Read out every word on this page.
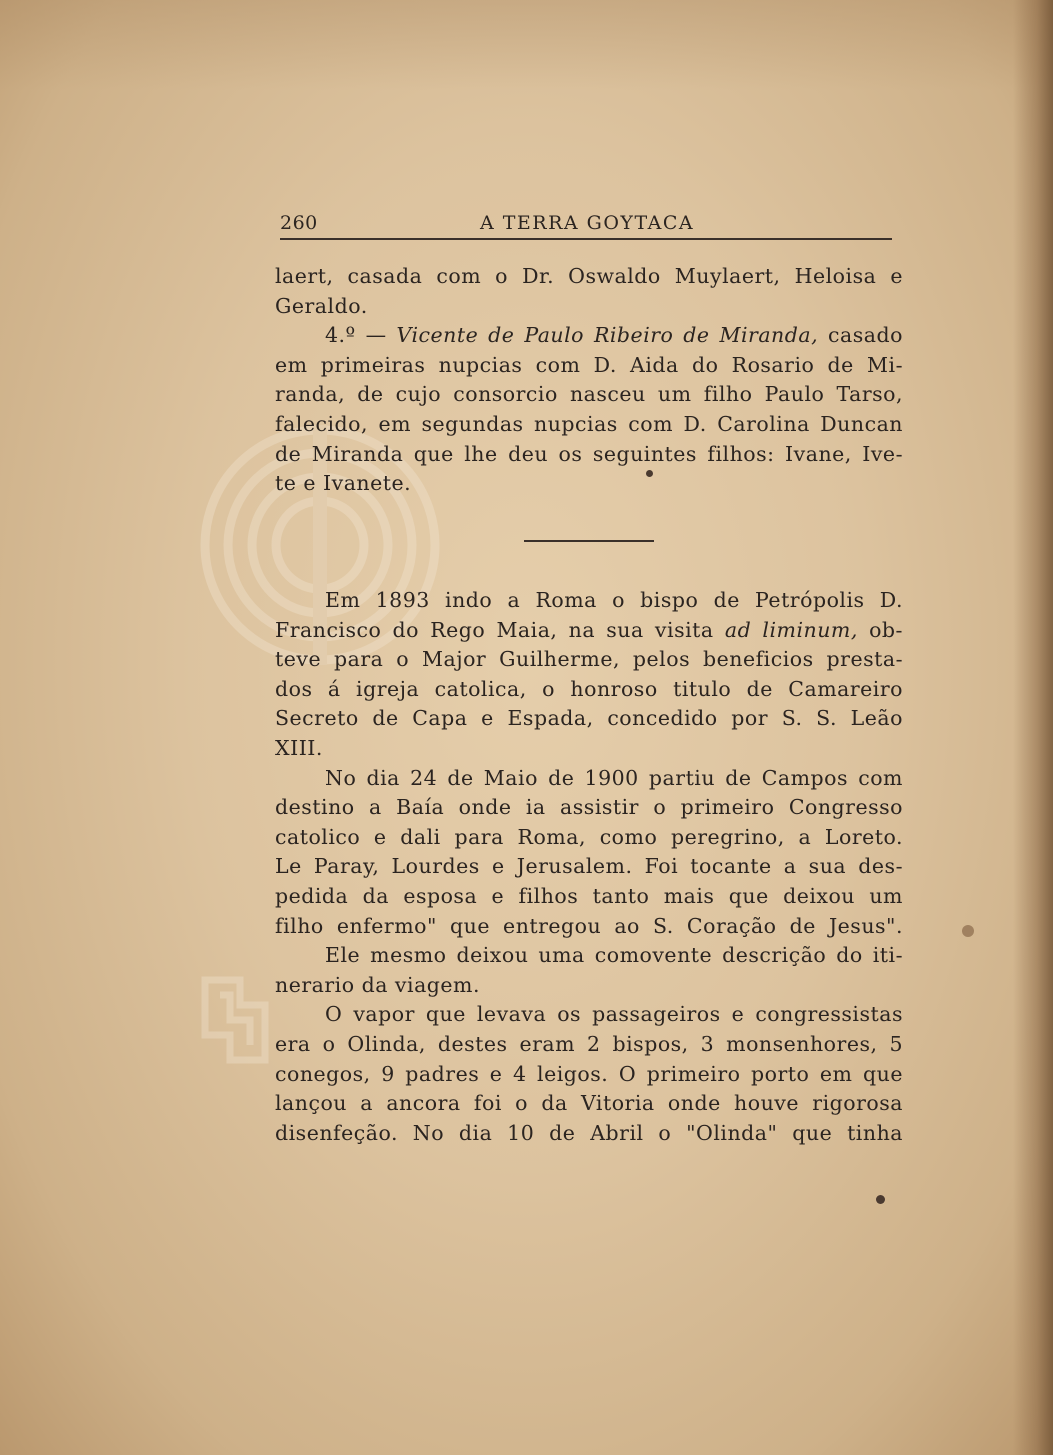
260	A TERRA GOYTACA

laert, casada com o Dr. Oswaldo Muylaert, Heloisa e

Geraldo.

4.º — Vicente de Paulo Ribeiro de Miranda, casado

em primeiras nupcias com D. Aida do Rosario de Mi-

randa, de cujo consorcio nasceu um filho Paulo Tarso,

falecido, em segundas nupcias com D. Carolina Duncan

de Miranda que lhe deu os seguintes filhos: Ivane, Ive-

te e Ivanete.

Em 1893 indo a Roma o bispo de Petrópolis D.

Francisco do Rego Maia, na sua visita ad liminum, ob-

teve para o Major Guilherme, pelos beneficios presta-

dos á igreja catolica, o honroso titulo de Camareiro

Secreto de Capa e Espada, concedido por S. S. Leão

XIII.

No dia 24 de Maio de 1900 partiu de Campos com

destino a Baía onde ia assistir o primeiro Congresso

catolico e dali para Roma, como peregrino, a Loreto.

Le Paray, Lourdes e Jerusalem. Foi tocante a sua des-

pedida da esposa e filhos tanto mais que deixou um

filho enfermo" que entregou ao S. Coração de Jesus".

Ele mesmo deixou uma comovente descrição do iti-

nerario da viagem.

O vapor que levava os passageiros e congressistas

era o Olinda, destes eram 2 bispos, 3 monsenhores, 5

conegos, 9 padres e 4 leigos. O primeiro porto em que

lançou a ancora foi o da Vitoria onde houve rigorosa

disenfeção. No dia 10 de Abril o "Olinda" que tinha
